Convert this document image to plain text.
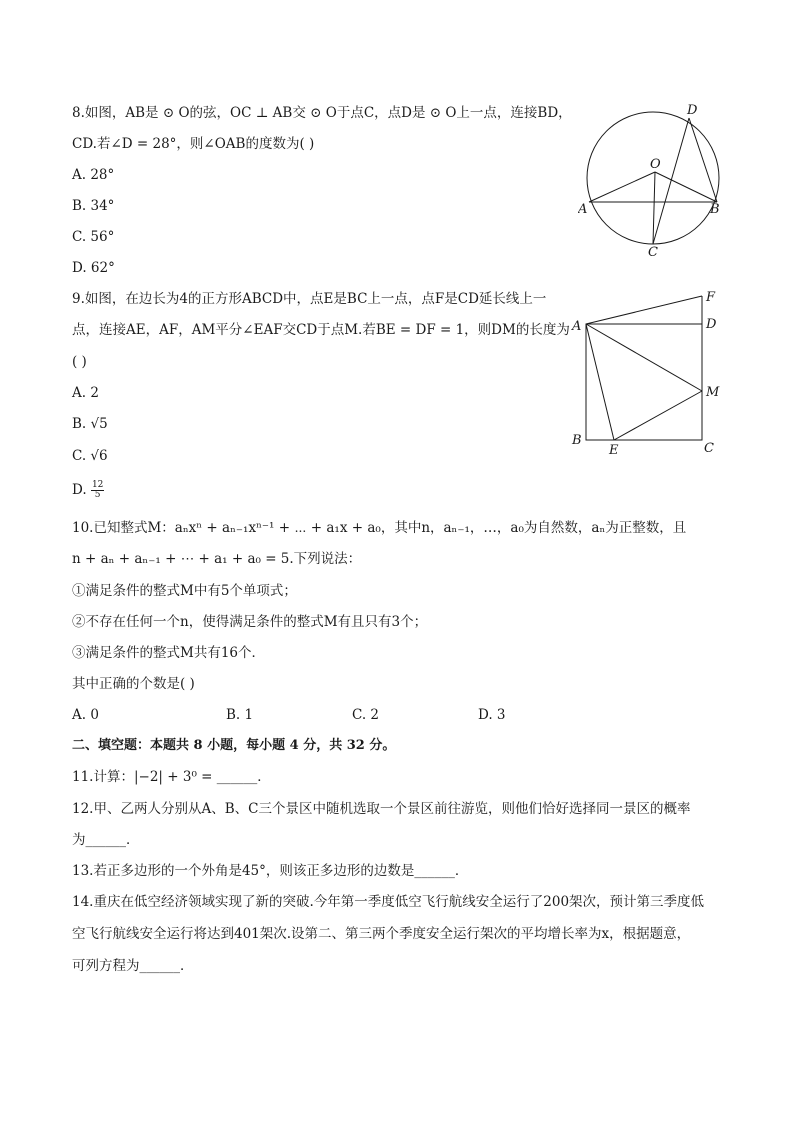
8.如图，AB是 ⊙ O的弦，OC ⊥ AB交 ⊙ O于点C，点D是 ⊙ O上一点，连接BD，
CD.若∠D = 28°，则∠OAB的度数为( )
A. 28°
B. 34°
C. 56°
D. 62°
D
O
A	B
C
9.如图，在边长为4的正方形ABCD中，点E是BC上一点，点F是CD延长线上一
点，连接AE，AF，AM平分∠EAF交CD于点M.若BE = DF = 1，则DM的长度为
( )
A. 2
B. √5
C. √6
D. $\frac{12}{5}$
F
A	D
M
B
E	C
10.已知整式M：aₙxⁿ + aₙ₋₁xⁿ⁻¹ + ⋯ + a₁x + a₀，其中n，aₙ₋₁，…，a₀为自然数，aₙ为正整数，且
n + aₙ + aₙ₋₁ + ⋯ + a₁ + a₀ = 5.下列说法：
①满足条件的整式M中有5个单项式；
②不存在任何一个n，使得满足条件的整式M有且只有3个；
③满足条件的整式M共有16个．
其中正确的个数是( )
A. 0	B. 1	C. 2	D. 3
二、填空题：本题共 8 小题，每小题 4 分，共 32 分。
11.计算：|−2| + 3⁰ = ______．
12.甲、乙两人分别从A、B、C三个景区中随机选取一个景区前往游览，则他们恰好选择同一景区的概率
为______．
13.若正多边形的一个外角是45°，则该正多边形的边数是______．
14.重庆在低空经济领域实现了新的突破.今年第一季度低空飞行航线安全运行了200架次，预计第三季度低
空飞行航线安全运行将达到401架次.设第二、第三两个季度安全运行架次的平均增长率为x，根据题意，
可列方程为______．
